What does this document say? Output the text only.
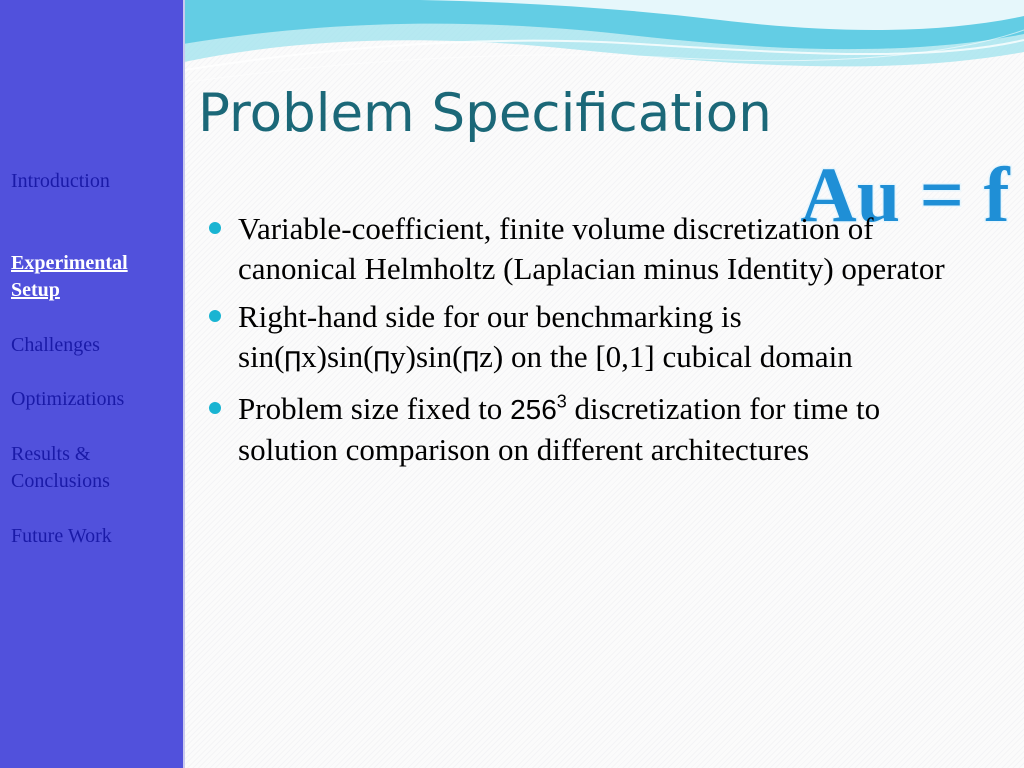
Introduction
Experimental Setup
Challenges
Optimizations
Results & Conclusions
Future Work
Problem Specification
Au = f
Variable-coefficient, finite volume discretization of canonical Helmholtz (Laplacian minus Identity) operator
Right-hand side for our benchmarking is sin(∏x)sin(∏y)sin(∏z) on the [0,1] cubical domain
Problem size fixed to $256^3$ discretization for time to solution comparison on different architectures
